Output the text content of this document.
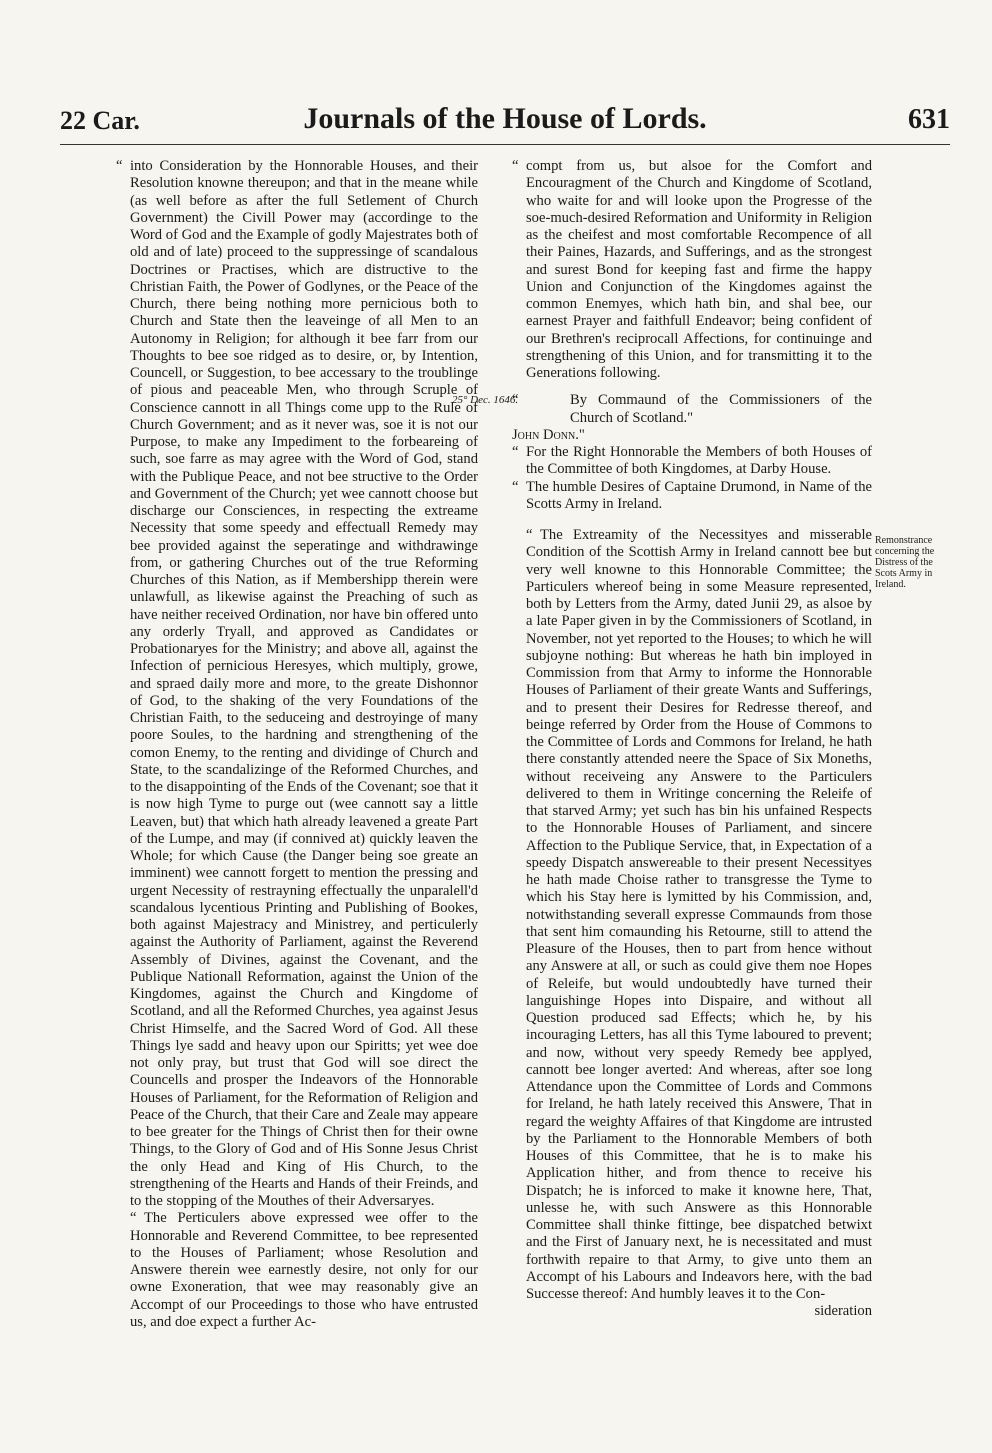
22 Car.	Journals of the House of Lords.	631

“ into Consideration by the Honnorable Houses, and their Resolution knowne thereupon; and that in the meane while (as well before as after the full Setlement of Church Government) the Civill Power may (accordinge to the Word of God and the Example of godly Majestrates both of old and of late) proceed to the suppressinge of scandalous Doctrines or Practises, which are distructive to the Christian Faith, the Power of Godlynes, or the Peace of the Church, there being nothing more pernicious both to Church and State then the leaveinge of all Men to an Autonomy in Religion; for although it bee farr from our Thoughts to bee soe ridged as to desire, or, by Intention, Councell, or Suggestion, to bee accessary to the troublinge of pious and peaceable Men, who through Scruple of Conscience cannott in all Things come upp to the Rule of Church Government; and as it never was, soe it is not our Purpose, to make any Impediment to the forbeareing of such, soe farre as may agree with the Word of God, stand with the Publique Peace, and not bee structive to the Order and Government of the Church; yet wee cannott choose but discharge our Consciences, in respecting the extreame Necessity that some speedy and effectuall Remedy may bee provided against the seperatinge and withdrawinge from, or gathering Churches out of the true Reforming Churches of this Nation, as if Membershipp therein were unlawfull, as likewise against the Preaching of such as have neither received Ordination, nor have bin offered unto any orderly Tryall, and approved as Candidates or Probationaryes for the Ministry; and above all, against the Infection of pernicious Heresyes, which multiply, growe, and spraed daily more and more, to the greate Dishonnor of God, to the shaking of the very Foundations of the Christian Faith, to the seduceing and destroyinge of many poore Soules, to the hardning and strengthening of the comon Enemy, to the renting and dividinge of Church and State, to the scandalizinge of the Reformed Churches, and to the disappointing of the Ends of the Covenant; soe that it is now high Tyme to purge out (wee cannott say a little Leaven, but) that which hath already leavened a greate Part of the Lumpe, and may (if connived at) quickly leaven the Whole; for which Cause (the Danger being soe greate an imminent) wee cannott forgett to mention the pressing and urgent Necessity of restrayning effectually the unparalell'd scandalous lycentious Printing and Publishing of Bookes, both against Majestracy and Ministrey, and perticulerly against the Authority of Parliament, against the Reverend Assembly of Divines, against the Covenant, and the Publique Nationall Reformation, against the Union of the Kingdomes, against the Church and Kingdome of Scotland, and all the Reformed Churches, yea against Jesus Christ Himselfe, and the Sacred Word of God. All these Things lye sadd and heavy upon our Spiritts; yet wee doe not only pray, but trust that God will soe direct the Councells and prosper the Indeavors of the Honnorable Houses of Parliament, for the Reformation of Religion and Peace of the Church, that their Care and Zeale may appeare to bee greater for the Things of Christ then for their owne Things, to the Glory of God and of His Sonne Jesus Christ the only Head and King of His Church, to the strengthening of the Hearts and Hands of their Freinds, and to the stopping of the Mouthes of their Adversaryes.

“ The Perticulers above expressed wee offer to the Honnorable and Reverend Committee, to bee represented to the Houses of Parliament; whose Resolution and Answere therein wee earnestly desire, not only for our owne Exoneration, that wee may reasonably give an Accompt of our Proceedings to those who have entrusted us, and doe expect a further Ac-

“ compt from us, but alsoe for the Comfort and Encouragment of the Church and Kingdome of Scotland, who waite for and will looke upon the Progresse of the soe-much-desired Reformation and Uniformity in Religion as the cheifest and most comfortable Recompence of all their Paines, Hazards, and Sufferings, and as the strongest and surest Bond for keeping fast and firme the happy Union and Conjunction of the Kingdomes against the common Enemyes, which hath bin, and shal bee, our earnest Prayer and faithfull Endeavor; being confident of our Brethren's reciprocall Affections, for continuinge and strengthening of this Union, and for transmitting it to the Generations following.

25° Dec. 1646.

“	By Commaund of the Commissioners of the Church of Scotland."

John Donn."

“ For the Right Honnorable the Members of both Houses of the Committee of both Kingdomes, at Darby House.

“ The humble Desires of Captaine Drumond, in Name of the Scotts Army in Ireland.

“ The Extreamity of the Necessityes and misserable Condition of the Scottish Army in Ireland cannott bee but very well knowne to this Honnorable Committee; the Particulers whereof being in some Measure represented, both by Letters from the Army, dated Junii 29, as alsoe by a late Paper given in by the Commissioners of Scotland, in November, not yet reported to the Houses; to which he will subjoyne nothing: But whereas he hath bin imployed in Commission from that Army to informe the Honnorable Houses of Parliament of their greate Wants and Sufferings, and to present their Desires for Redresse thereof, and beinge referred by Order from the House of Commons to the Committee of Lords and Commons for Ireland, he hath there constantly attended neere the Space of Six Moneths, without receiveing any Answere to the Particulers delivered to them in Writinge concerning the Releife of that starved Army; yet such has bin his unfained Respects to the Honnorable Houses of Parliament, and sincere Affection to the Publique Service, that, in Expectation of a speedy Dispatch answereable to their present Necessityes he hath made Choise rather to transgresse the Tyme to which his Stay here is lymitted by his Commission, and, notwithstanding severall expresse Commaunds from those that sent him comaunding his Retourne, still to attend the Pleasure of the Houses, then to part from hence without any Answere at all, or such as could give them noe Hopes of Releife, but would undoubtedly have turned their languishinge Hopes into Dispaire, and without all Question produced sad Effects; which he, by his incouraging Letters, has all this Tyme laboured to prevent; and now, without very speedy Remedy bee applyed, cannott bee longer averted: And whereas, after soe long Attendance upon the Committee of Lords and Commons for Ireland, he hath lately received this Answere, That in regard the weighty Affaires of that Kingdome are intrusted by the Parliament to the Honnorable Members of both Houses of this Committee, that he is to make his Application hither, and from thence to receive his Dispatch; he is inforced to make it knowne here, That, unlesse he, with such Answere as this Honnorable Committee shall thinke fittinge, bee dispatched betwixt and the First of January next, he is necessitated and must forthwith repaire to that Army, to give unto them an Accompt of his Labours and Indeavors here, with the bad Successe thereof: And humbly leaves it to the Con-

sideration

Remonstrance concerning the Distress of the Scots Army in Ireland.
